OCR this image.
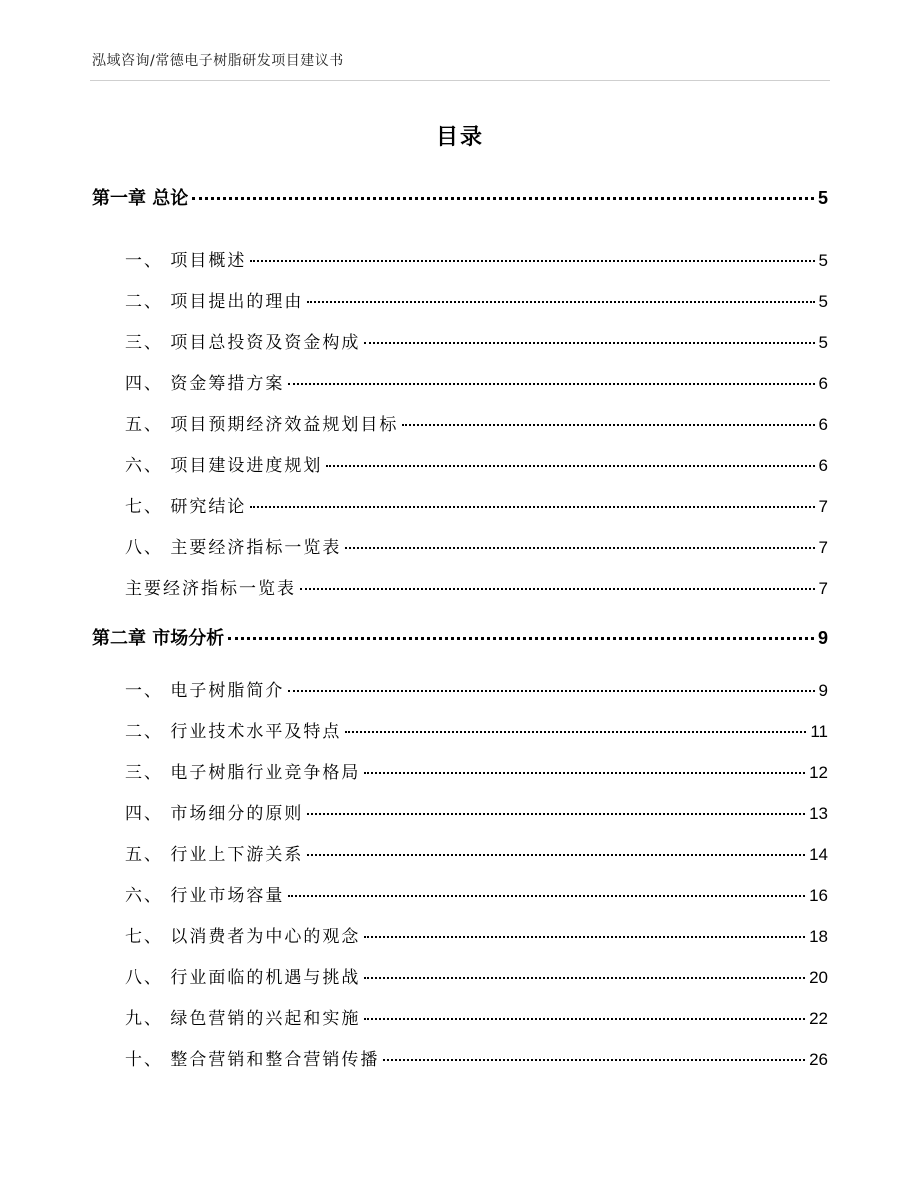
泓域咨询/常德电子树脂研发项目建议书
目录
第一章 总论	5
一、 项目概述	5
二、 项目提出的理由	5
三、 项目总投资及资金构成	5
四、 资金筹措方案	6
五、 项目预期经济效益规划目标	6
六、 项目建设进度规划	6
七、 研究结论	7
八、 主要经济指标一览表	7
主要经济指标一览表	7
第二章 市场分析	9
一、 电子树脂简介	9
二、 行业技术水平及特点	11
三、 电子树脂行业竞争格局	12
四、 市场细分的原则	13
五、 行业上下游关系	14
六、 行业市场容量	16
七、 以消费者为中心的观念	18
八、 行业面临的机遇与挑战	20
九、 绿色营销的兴起和实施	22
十、 整合营销和整合营销传播	26
